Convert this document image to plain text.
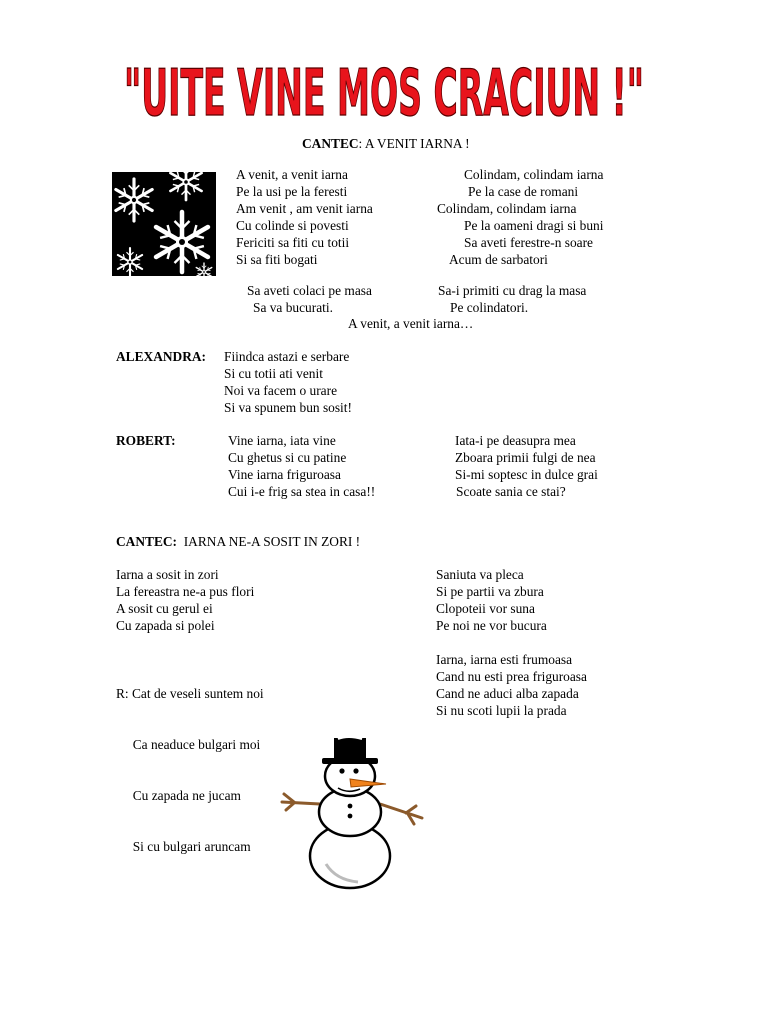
"UITE VINE MOS CRACIUN !"
CANTEC: A VENIT IARNA !
A venit, a venit iarna
Pe la usi pe la feresti
Am venit , am venit iarna
Cu colinde si povesti
Fericiti sa fiti cu totii
Si sa fiti bogati
Colindam, colindam iarna
Pe la case de romani
Colindam, colindam iarna
Pe la oameni dragi si buni
Sa aveti ferestre-n soare
Acum de sarbatori
Sa aveti colaci pe masa
Sa va bucurati.
Sa-i primiti cu drag la masa
Pe colindatori.
A venit, a venit iarna…
ALEXANDRA: Fiindca astazi e serbare
Si cu totii ati venit
Noi va facem o urare
Si va spunem bun sosit!
ROBERT:	Vine iarna, iata vine
Cu ghetus si cu patine
Vine iarna friguroasa
Cui i-e frig sa stea in casa!!
Iata-i pe deasupra mea
Zboara primii fulgi de nea
Si-mi soptesc in dulce grai
Scoate sania ce stai?
CANTEC:  IARNA NE-A SOSIT IN ZORI !
Iarna a sosit in zori
La fereastra ne-a pus flori
A sosit cu gerul ei
Cu zapada si polei
Saniuta va pleca
Si pe partii va zbura
Clopoteii vor suna
Pe noi ne vor bucura

R: Cat de veseli suntem noi

Ca neaduce bulgari moi

Cu zapada ne jucam

Si cu bulgari aruncam

Iarna, iarna esti frumoasa
Cand nu esti prea friguroasa
Cand ne aduci alba zapada
Si nu scoti lupii la prada
